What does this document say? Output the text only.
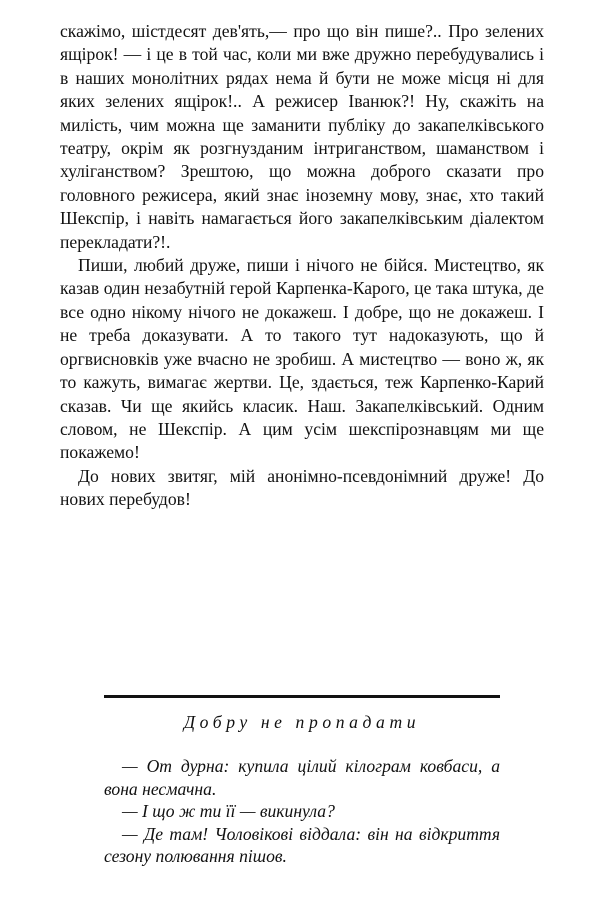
скажімо, шістдесят дев'ять,— про що він пише?.. Про зелених ящірок! — і це в той час, коли ми вже дружно перебудувались і в наших монолітних рядах нема й бути не може місця ні для яких зелених ящірок!.. А режисер Іванюк?! Ну, скажіть на милість, чим можна ще заманити публіку до закапелківського театру, окрім як розгнузданим інтриганством, шаманством і хуліганством? Зрештою, що можна доброго сказати про головного режисера, який знає іноземну мову, знає, хто такий Шекспір, і навіть намагається його закапелківським діалектом перекладати?!.

Пиши, любий друже, пиши і нічого не бійся. Мистецтво, як казав один незабутній герой Карпенка-Карого, це така штука, де все одно нікому нічого не докажеш. І добре, що не докажеш. І не треба доказувати. А то такого тут надоказують, що й оргвисновків уже вчасно не зробиш. А мистецтво — воно ж, як то кажуть, вимагає жертви. Це, здається, теж Карпенко-Карий сказав. Чи ще якийсь класик. Наш. Закапелківський. Одним словом, не Шекспір. А цим усім шекспірознавцям ми ще покажемо!

До нових звитяг, мій анонімно-псевдонімний друже! До нових перебудов!

Добру не пропадати

— От дурна: купила цілий кілограм ковбаси, а вона несмачна.

— І що ж ти її — викинула?

— Де там! Чоловікові віддала: він на відкриття сезону полювання пішов.
